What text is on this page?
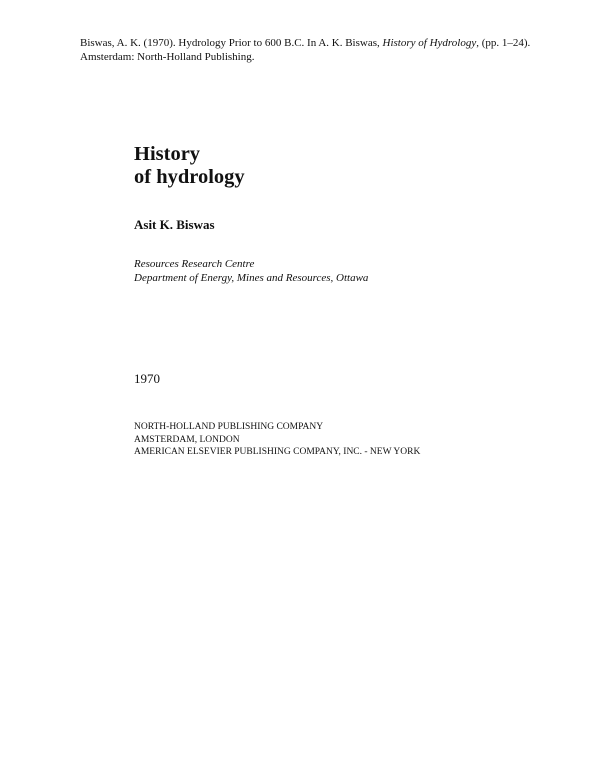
Biswas, A. K. (1970). Hydrology Prior to 600 B.C. In A. K. Biswas, History of Hydrology, (pp. 1–24). Amsterdam: North-Holland Publishing.
History
of hydrology
Asit K. Biswas
Resources Research Centre
Department of Energy, Mines and Resources, Ottawa
1970
NORTH-HOLLAND PUBLISHING COMPANY
AMSTERDAM, LONDON
AMERICAN ELSEVIER PUBLISHING COMPANY, INC. - NEW YORK
